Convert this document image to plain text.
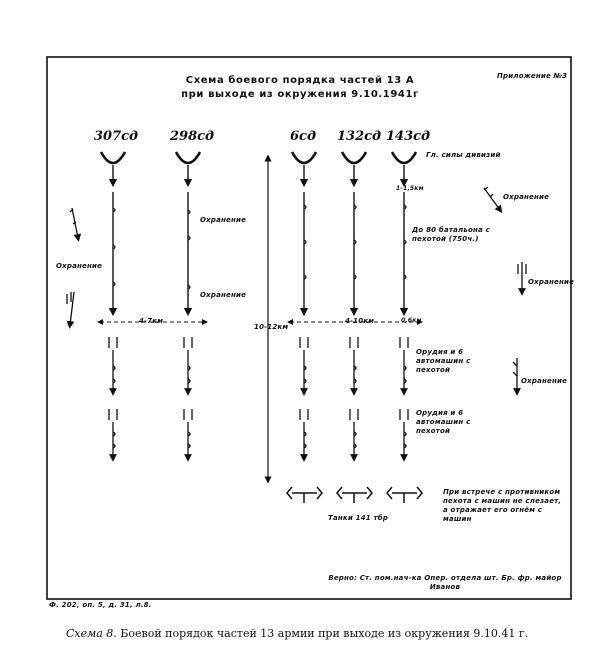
Приложение №3
Схема боевого порядка частей 13 А
при выходе из окружения 9.10.1941г
307сд 298сд	6сд 132сд 143сд
Гл. силы дивизий
1-1,5км
Охранение
Охранение
До 80 батальона с пехотой (750ч.)
Охранение
Охранение
Охранение
4-7км	4-10км	0,6км
10-12км
Орудия и 6 автомашин с пехотой
Охранение
Орудия и 6 автомашин с пехотой
При встрече с противником пехота с машин не слезает, а отражает его огнём с машин
Танки 141 тбр
Верно: Ст. пом.нач-ка Опер. отдела шт. Бр. фр. майор Иванов
Ф. 202, оп. 5, д. 31, л.8.
Схема 8. Боевой порядок частей 13 армии при выходе из окружения 9.10.41 г.
